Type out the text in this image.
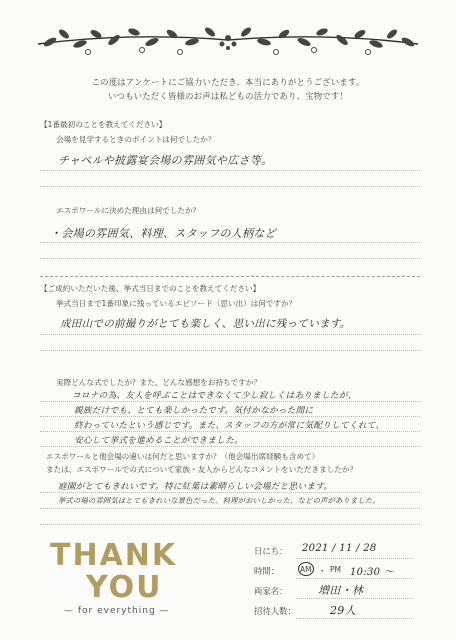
この度はアンケートにご協力いただき、本当にありがとうございます。
いつもいただく皆様のお声は私どもの活力であり、宝物です！
【1番最初のことを教えてください】
会場を見学するときのポイントは何でしたか？
チャペルや披露宴会場の雰囲気や広さ等。
エスポワールに決めた理由は何でしたか？
・会場の雰囲気、料理、スタッフの人柄など
【ご成約いただいた後、挙式当日までのことを教えてください】
挙式当日まで1番印象に残っているエピソード（思い出）は何ですか？
成田山での前撮りがとても楽しく、思い出に残っています。
実際どんな式でしたか？また、どんな感想をお持ちですか？
コロナの為、友人を呼ぶことはできなくて少し寂しくはありましたが、
親族だけでも、とても楽しかったです。気付かなかった間に
終わっていたという感じです。また、スタッフの方が常に気配りしてくれて、
安心して挙式を進めることができました。
エスポワールと他会場の違いは何だと思いますか？（他会場出席経験も含めて）
または、エスポワールでの式について家族・友人からどんなコメントをいただきましたか？
庭園がとてもきれいです。特に紅葉は素晴らしい会場だと思います。
挙式の場の雰囲気はとてもきれいな景色だった。料理がおいしかった、などの声がありました。
THANK
YOU
— for everything —
日にち： 2021 / 11 / 28
時間：	AM ・ PM 10:30 〜
両家名：	増田・林
招待人数：	29人
